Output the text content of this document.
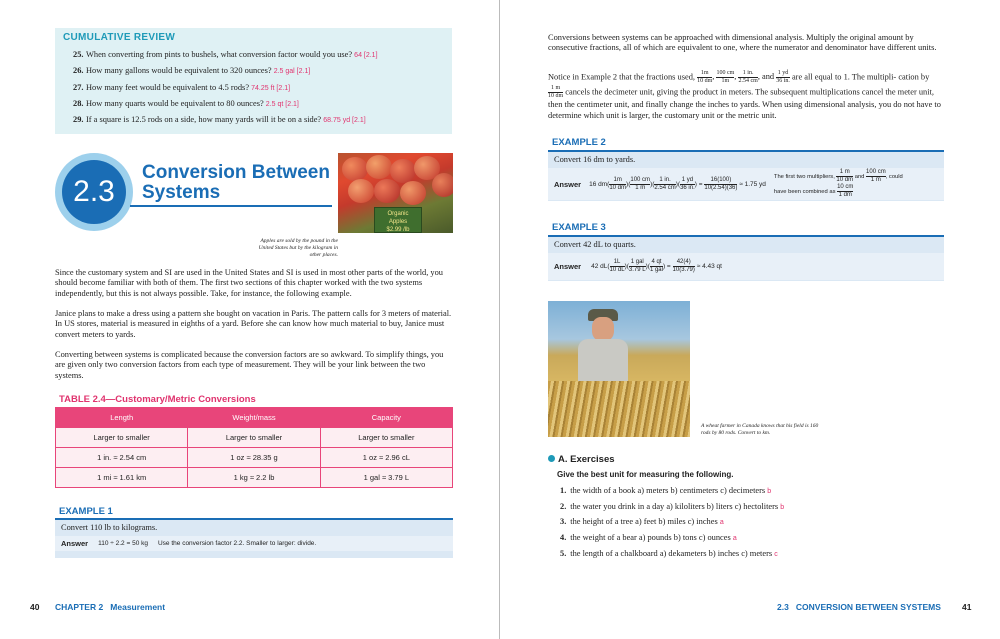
CUMULATIVE REVIEW
25. When converting from pints to bushels, what conversion factor would you use? 64 [2.1]
26. How many gallons would be equivalent to 320 ounces? 2.5 gal [2.1]
27. How many feet would be equivalent to 4.5 rods? 74.25 ft [2.1]
28. How many quarts would be equivalent to 80 ounces? 2.5 qt [2.1]
29. If a square is 12.5 rods on a side, how many yards will it be on a side? 68.75 yd [2.1]
2.3
Conversion Between
Systems
Organic
Apples
$2.99 /lb
Apples are sold by the pound in the United States but by the kilogram in other places.
Since the customary system and SI are used in the United States and SI is used in most other parts of the world, you should become familiar with both of them. The first two sections of this chapter worked with the two systems independently, but this is not always possible. Take, for instance, the following example.
Janice plans to make a dress using a pattern she bought on vacation in Paris. The pattern calls for 3 meters of material. In US stores, material is measured in eighths of a yard. Before she can know how much material to buy, Janice must convert meters to yards.
Converting between systems is complicated because the conversion factors are so awkward. To simplify things, you are given only two conversion factors from each type of measurement. They will be your link between the two systems.
TABLE 2.4—Customary/Metric Conversions
Length	Weight/mass	Capacity
Larger to smaller	Larger to smaller	Larger to smaller
1 in. ≈ 2.54 cm	1 oz ≈ 28.35 g	1 oz ≈ 2.96 cL
1 mi ≈ 1.61 km	1 kg ≈ 2.2 lb	1 gal ≈ 3.79 L
EXAMPLE 1
Convert 110 lb to kilograms.
Answer 110 ÷ 2.2 = 50 kg Use the conversion factor 2.2. Smaller to larger: divide.
40 CHAPTER 2 Measurement
Conversions between systems can be approached with dimensional analysis. Multiply the original amount by consecutive fractions, all of which are equivalent to one, where the numerator and denominator have different units.
Notice in Example 2 that the fractions used, $\frac{1m}{10 dm}$ , $\frac{100 cm}{1m}$ , $\frac{1 in.}{2.54 cm}$ , and $\frac{1 yd}{36 in.}$ are all equal to 1. The multipli- cation by
$\frac{1 m}{10 dm}$ cancels the decimeter unit, giving the product in meters. The subsequent multiplications cancel the meter unit, then the centimeter unit, and finally change the inches to yards. When using dimensional analysis, you do not have to determine which unit is larger, the customary unit or the metric unit.
EXAMPLE 2
Convert 16 dm to yards.
Answer 16 $dm( \frac{1m}{10 dm}$ )( $\frac{100 cm}{1 m}$ )( $\frac{1 in.}{2.54 cm}$ )( $\frac{1 yd}{36 in.}$ ) = $\frac{16(100)}{10(2.54)(36)} \approx 1.75$ yd
The first two multipliers, $\frac{1 m}{10 dm}$ and $\frac{100 cm}{1 m}$ , could have been combined as $\frac{10 cm}{1 dm}$
EXAMPLE 3
Convert 42 dL to quarts.
Answer 42 $dL( \frac{1L}{10 dL}$ )( $\frac{\text{1 gal}}{3.79 L}$ )( $\frac{4 qt}{\text{1 gal}}$ ) = $\frac{42(4)}{10(3.79)} \approx 4.43$ qt
A wheat farmer in Canada knows that his field is 160 rods by 80 rods. Convert to km.
A. Exercises
Give the best unit for measuring the following.
1. the width of a book a) meters b) centimeters c) decimeters b
2. the water you drink in a day a) kiloliters b) liters c) hectoliters b
3. the height of a tree a) feet b) miles c) inches a
4. the weight of a bear a) pounds b) tons c) ounces a
5. the length of a chalkboard a) dekameters b) inches c) meters c
2.3 CONVERSION BETWEEN SYSTEMS 41
